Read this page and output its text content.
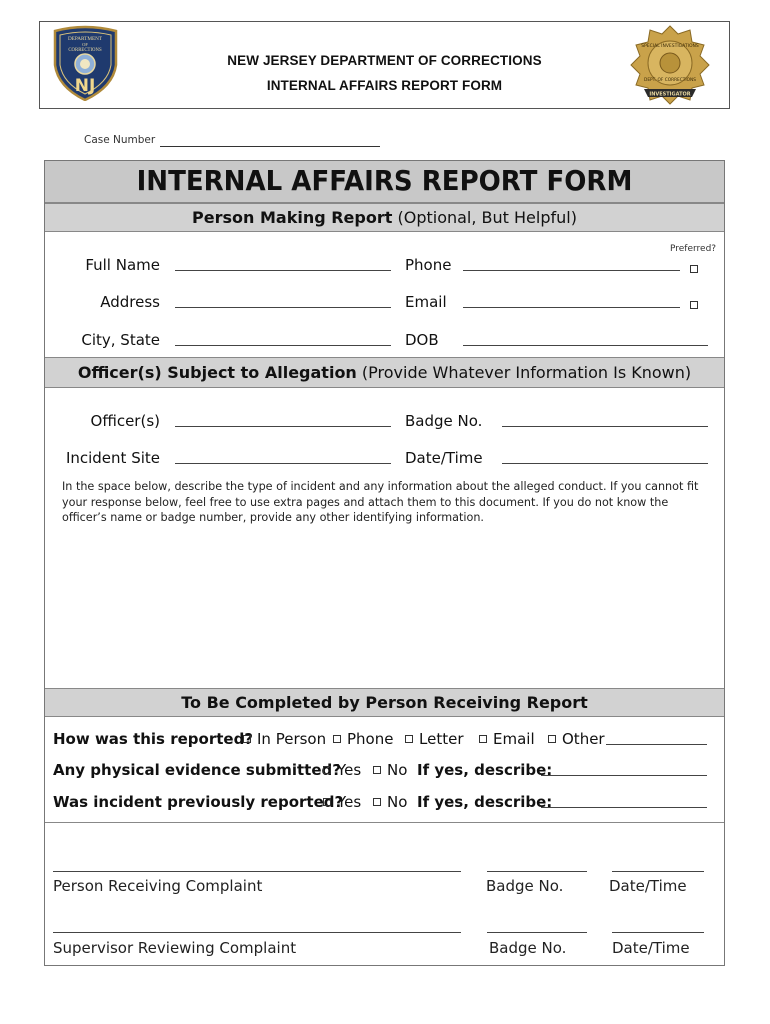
NEW JERSEY DEPARTMENT OF CORRECTIONS
INTERNAL AFFAIRS REPORT FORM
DEPARTMENT
OF
CORRECTIONS
NJ
SPECIAL INVESTIGATIONS
DEPT. OF CORRECTIONS
INVESTIGATOR
Case Number
INTERNAL AFFAIRS REPORT FORM
Person Making Report (Optional, But Helpful)
Preferred?
Full Name	Phone
Address	Email
City, State	DOB
Officer(s) Subject to Allegation (Provide Whatever Information Is Known)
Officer(s)	Badge No.
Incident Site	Date/Time
In the space below, describe the type of incident and any information about the alleged conduct. If you cannot fit your response below, feel free to use extra pages and attach them to this document. If you do not know the officer’s name or badge number, provide any other identifying information.
To Be Completed by Person Receiving Report
How was this reported? In Person	Phone	Letter	Email	Other
Any physical evidence submitted?
Yes	No If yes, describe:
Was incident previously reported?
Yes	No If yes, describe:
Person Receiving Complaint	Badge No.	Date/Time
Supervisor Reviewing Complaint	Badge No.	Date/Time
